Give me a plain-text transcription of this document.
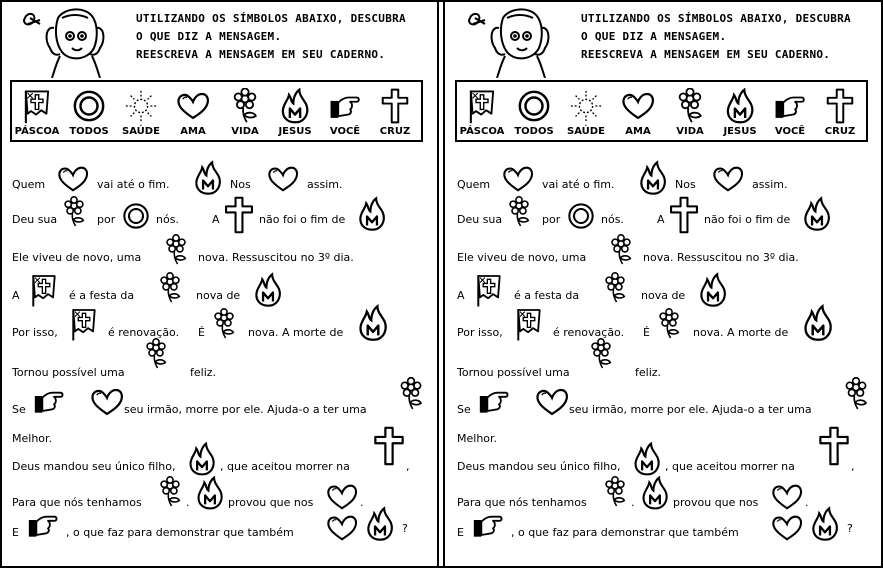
UTILIZANDO OS SÍMBOLOS ABAIXO, DESCUBRA
O QUE DIZ A MENSAGEM.
REESCREVA A MENSAGEM EM SEU CADERNO.
PÁSCOA	TODOS	SAÚDE	AMA	VIDA	JESUS	VOCÊ	CRUZ
Quem	vai até o fim.	Nos	assim.
Deu sua	por	nós.	A	não foi o fim de
Ele viveu de novo, uma	nova. Ressuscitou no 3º dia.
A	é a festa da	nova de
Por isso,	é renovação. É	nova. A morte de
Tornou possível uma	feliz.
Se	seu irmão, morre por ele. Ajuda-o a ter uma
Melhor.
Deus mandou seu único filho,	, que aceitou morrer na	,
Para que nós tenhamos	.	provou que nos	.
E	, o que faz para demonstrar que também	?
UTILIZANDO OS SÍMBOLOS ABAIXO, DESCUBRA
O QUE DIZ A MENSAGEM.
REESCREVA A MENSAGEM EM SEU CADERNO.
PÁSCOA	TODOS	SAÚDE	AMA	VIDA	JESUS	VOCÊ	CRUZ
Quem	vai até o fim.	Nos	assim.
Deu sua	por	nós.	A	não foi o fim de
Ele viveu de novo, uma	nova. Ressuscitou no 3º dia.
A	é a festa da	nova de
Por isso,	é renovação. É	nova. A morte de
Tornou possível uma	feliz.
Se	seu irmão, morre por ele. Ajuda-o a ter uma
Melhor.
Deus mandou seu único filho,	, que aceitou morrer na	,
Para que nós tenhamos	.	provou que nos	.
E	, o que faz para demonstrar que também	?
